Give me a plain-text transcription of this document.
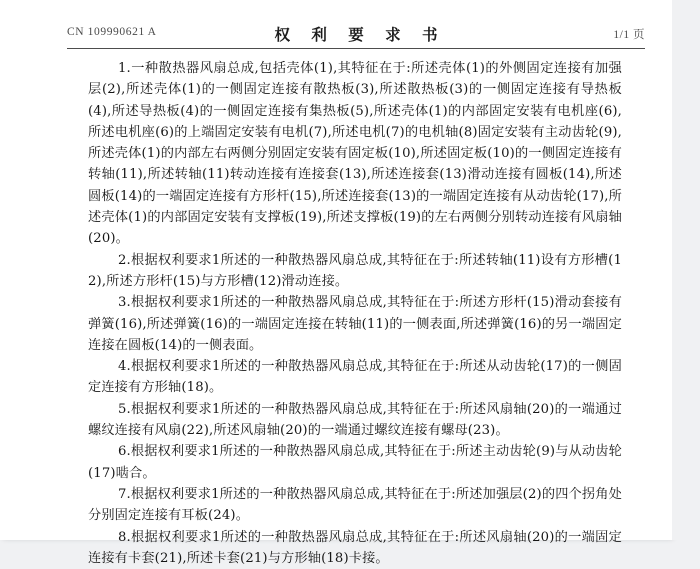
CN 109990621 A	权 利 要 求 书	1/1 页

1.一种散热器风扇总成,包括壳体(1),其特征在于:所述壳体(1)的外侧固定连接有加强层(2),所述壳体(1)的一侧固定连接有散热板(3),所述散热板(3)的一侧固定连接有导热板(4),所述导热板(4)的一侧固定连接有集热板(5),所述壳体(1)的内部固定安装有电机座(6),所述电机座(6)的上端固定安装有电机(7),所述电机(7)的电机轴(8)固定安装有主动齿轮(9),所述壳体(1)的内部左右两侧分别固定安装有固定板(10),所述固定板(10)的一侧固定连接有转轴(11),所述转轴(11)转动连接有连接套(13),所述连接套(13)滑动连接有圆板(14),所述圆板(14)的一端固定连接有方形杆(15),所述连接套(13)的一端固定连接有从动齿轮(17),所述壳体(1)的内部固定安装有支撑板(19),所述支撑板(19)的左右两侧分别转动连接有风扇轴(20)。

2.根据权利要求1所述的一种散热器风扇总成,其特征在于:所述转轴(11)设有方形槽(12),所述方形杆(15)与方形槽(12)滑动连接。

3.根据权利要求1所述的一种散热器风扇总成,其特征在于:所述方形杆(15)滑动套接有弹簧(16),所述弹簧(16)的一端固定连接在转轴(11)的一侧表面,所述弹簧(16)的另一端固定连接在圆板(14)的一侧表面。

4.根据权利要求1所述的一种散热器风扇总成,其特征在于:所述从动齿轮(17)的一侧固定连接有方形轴(18)。

5.根据权利要求1所述的一种散热器风扇总成,其特征在于:所述风扇轴(20)的一端通过螺纹连接有风扇(22),所述风扇轴(20)的一端通过螺纹连接有螺母(23)。

6.根据权利要求1所述的一种散热器风扇总成,其特征在于:所述主动齿轮(9)与从动齿轮(17)啮合。

7.根据权利要求1所述的一种散热器风扇总成,其特征在于:所述加强层(2)的四个拐角处分别固定连接有耳板(24)。

8.根据权利要求1所述的一种散热器风扇总成,其特征在于:所述风扇轴(20)的一端固定连接有卡套(21),所述卡套(21)与方形轴(18)卡接。
